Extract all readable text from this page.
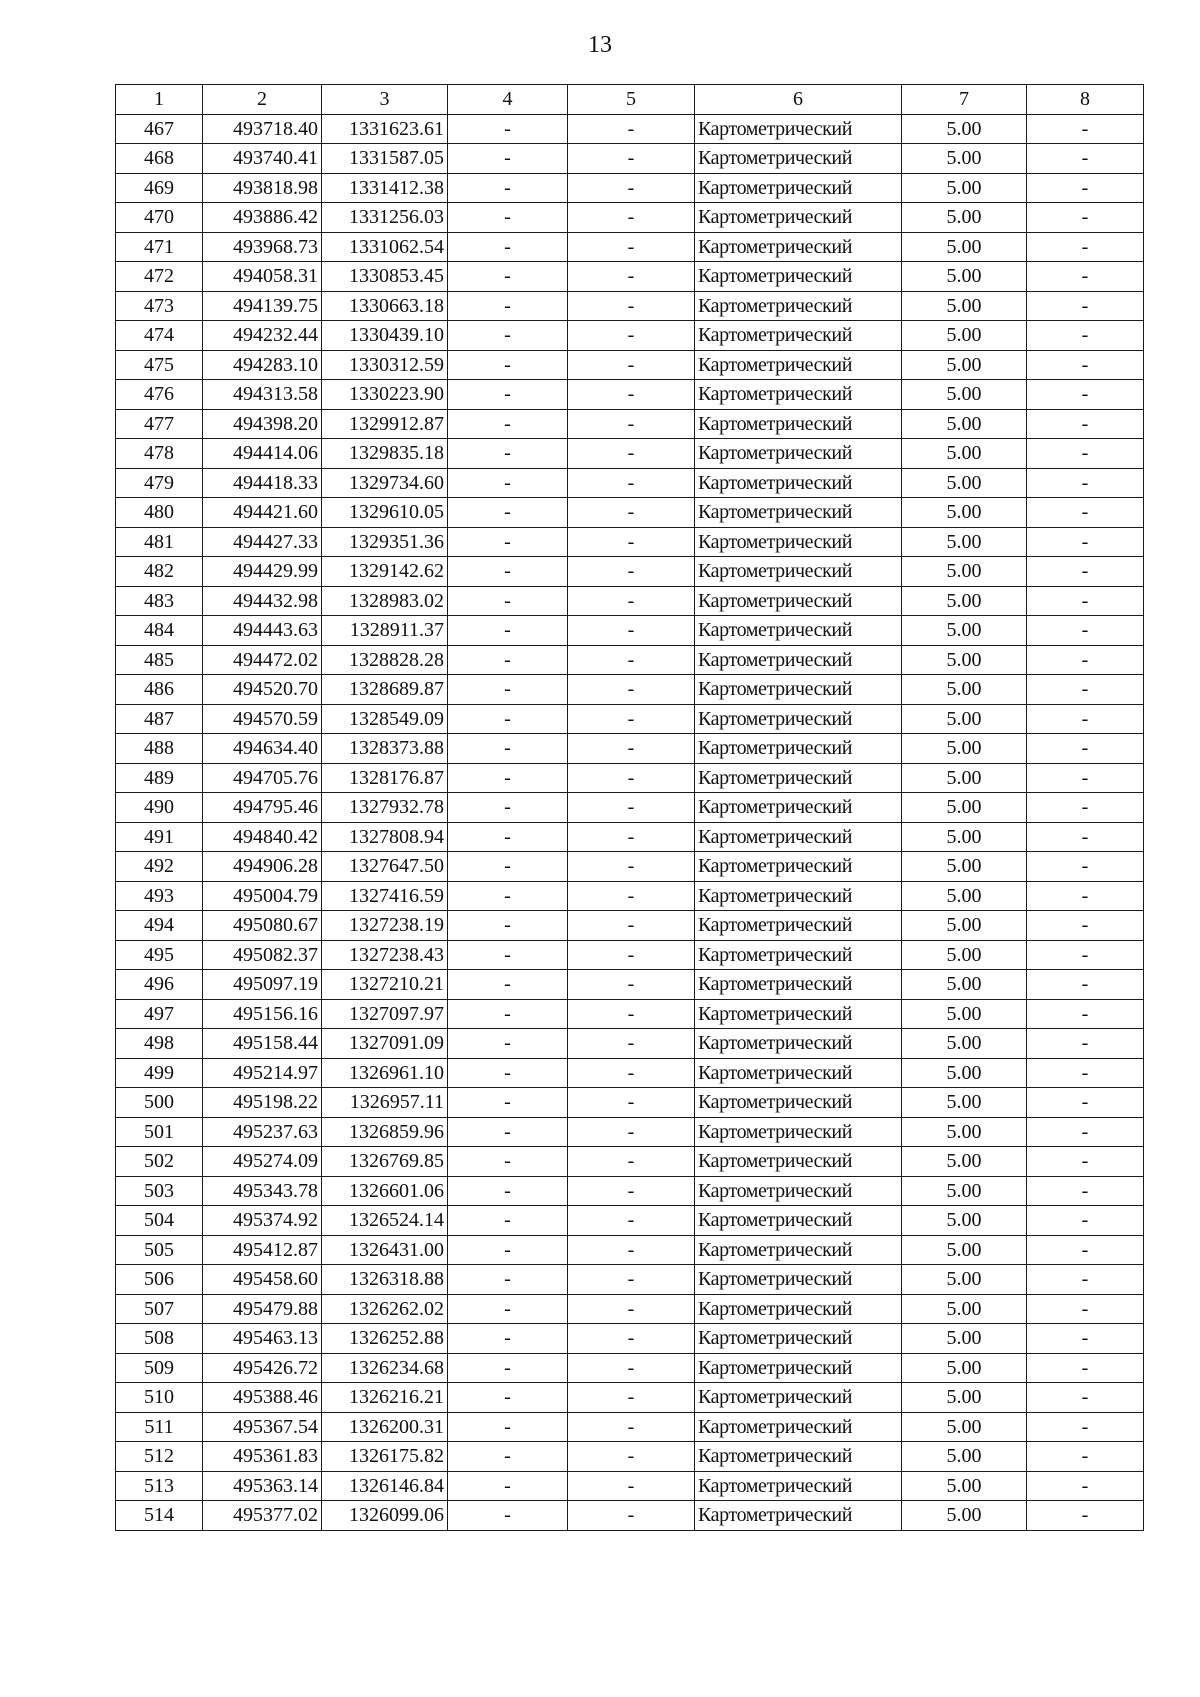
13
1	2	3	4	5	6	7	8
467	493718.40	1331623.61	-	-	Картометрический	5.00	-
468	493740.41	1331587.05	-	-	Картометрический	5.00	-
469	493818.98	1331412.38	-	-	Картометрический	5.00	-
470	493886.42	1331256.03	-	-	Картометрический	5.00	-
471	493968.73	1331062.54	-	-	Картометрический	5.00	-
472	494058.31	1330853.45	-	-	Картометрический	5.00	-
473	494139.75	1330663.18	-	-	Картометрический	5.00	-
474	494232.44	1330439.10	-	-	Картометрический	5.00	-
475	494283.10	1330312.59	-	-	Картометрический	5.00	-
476	494313.58	1330223.90	-	-	Картометрический	5.00	-
477	494398.20	1329912.87	-	-	Картометрический	5.00	-
478	494414.06	1329835.18	-	-	Картометрический	5.00	-
479	494418.33	1329734.60	-	-	Картометрический	5.00	-
480	494421.60	1329610.05	-	-	Картометрический	5.00	-
481	494427.33	1329351.36	-	-	Картометрический	5.00	-
482	494429.99	1329142.62	-	-	Картометрический	5.00	-
483	494432.98	1328983.02	-	-	Картометрический	5.00	-
484	494443.63	1328911.37	-	-	Картометрический	5.00	-
485	494472.02	1328828.28	-	-	Картометрический	5.00	-
486	494520.70	1328689.87	-	-	Картометрический	5.00	-
487	494570.59	1328549.09	-	-	Картометрический	5.00	-
488	494634.40	1328373.88	-	-	Картометрический	5.00	-
489	494705.76	1328176.87	-	-	Картометрический	5.00	-
490	494795.46	1327932.78	-	-	Картометрический	5.00	-
491	494840.42	1327808.94	-	-	Картометрический	5.00	-
492	494906.28	1327647.50	-	-	Картометрический	5.00	-
493	495004.79	1327416.59	-	-	Картометрический	5.00	-
494	495080.67	1327238.19	-	-	Картометрический	5.00	-
495	495082.37	1327238.43	-	-	Картометрический	5.00	-
496	495097.19	1327210.21	-	-	Картометрический	5.00	-
497	495156.16	1327097.97	-	-	Картометрический	5.00	-
498	495158.44	1327091.09	-	-	Картометрический	5.00	-
499	495214.97	1326961.10	-	-	Картометрический	5.00	-
500	495198.22	1326957.11	-	-	Картометрический	5.00	-
501	495237.63	1326859.96	-	-	Картометрический	5.00	-
502	495274.09	1326769.85	-	-	Картометрический	5.00	-
503	495343.78	1326601.06	-	-	Картометрический	5.00	-
504	495374.92	1326524.14	-	-	Картометрический	5.00	-
505	495412.87	1326431.00	-	-	Картометрический	5.00	-
506	495458.60	1326318.88	-	-	Картометрический	5.00	-
507	495479.88	1326262.02	-	-	Картометрический	5.00	-
508	495463.13	1326252.88	-	-	Картометрический	5.00	-
509	495426.72	1326234.68	-	-	Картометрический	5.00	-
510	495388.46	1326216.21	-	-	Картометрический	5.00	-
511	495367.54	1326200.31	-	-	Картометрический	5.00	-
512	495361.83	1326175.82	-	-	Картометрический	5.00	-
513	495363.14	1326146.84	-	-	Картометрический	5.00	-
514	495377.02	1326099.06	-	-	Картометрический	5.00	-
